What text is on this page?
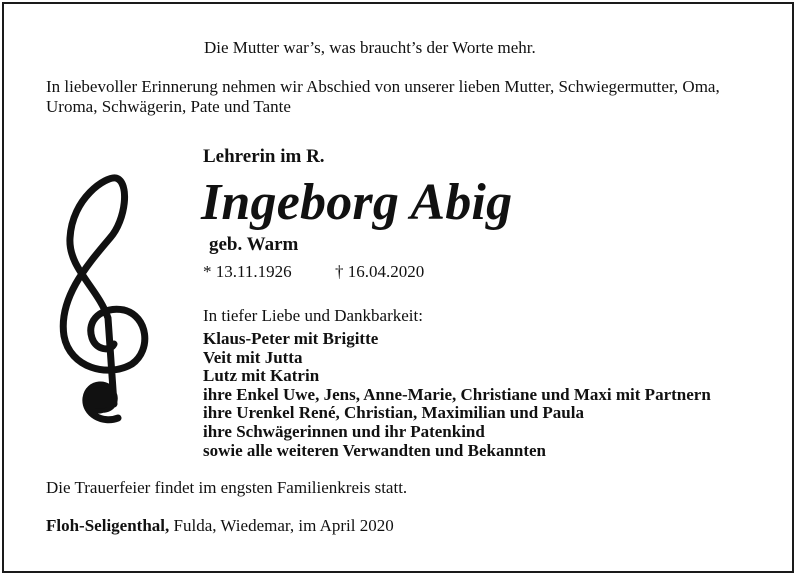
Die Mutter war’s, was braucht’s der Worte mehr.
In liebevoller Erinnerung nehmen wir Abschied von unserer lieben Mutter, Schwiegermutter, Oma, Uroma, Schwägerin, Pate und Tante
Lehrerin im R.
Ingeborg Abig
geb. Warm
* 13.11.1926	† 16.04.2020
In tiefer Liebe und Dankbarkeit:
Klaus-Peter mit Brigitte
Veit mit Jutta
Lutz mit Katrin
ihre Enkel Uwe, Jens, Anne-Marie, Christiane und Maxi mit Partnern
ihre Urenkel René, Christian, Maximilian und Paula
ihre Schwägerinnen und ihr Patenkind
sowie alle weiteren Verwandten und Bekannten
Die Trauerfeier findet im engsten Familienkreis statt.
Floh-Seligenthal, Fulda, Wiedemar, im April 2020
